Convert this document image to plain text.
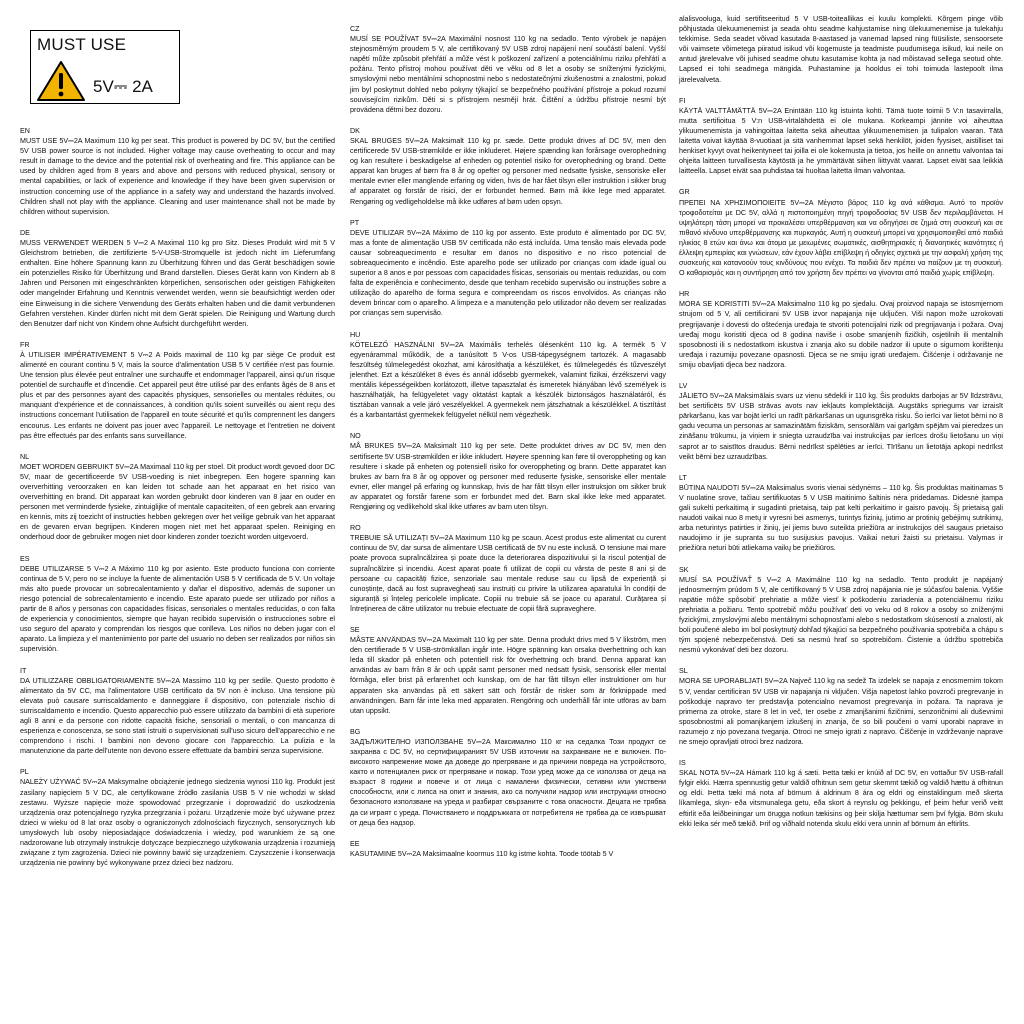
MUST USE
5V⎓ 2A
EN
MUST USE 5V⎓2A Maximum 110 kg per seat. This product is powered by DC 5V, but the certified 5V USB power source is not included. Higher voltage may cause overheating to occur and may result in damage to the device and the potential risk of overheating and fire. This appliance can be used by children aged from 8 years and above and persons with reduced physical, sensory or mental capabilities, or lack of experience and knowledge if they have been given supervision or instruction concerning use of the appliance in a safety way and understand the hazards involved. Children shall not play with the appliance. Cleaning and user maintenance shall not be made by children without supervision.
DE
MUSS VERWENDET WERDEN 5 V⎓2 A Maximal 110 kg pro Sitz. Dieses Produkt wird mit 5 V Gleichstrom betrieben, die zertifizierte 5-V-USB-Stromquelle ist jedoch nicht im Lieferumfang enthalten. Eine höhere Spannung kann zu Überhitzung führen und das Gerät beschädigen sowie ein potenzielles Risiko für Überhitzung und Brand darstellen. Dieses Gerät kann von Kindern ab 8 Jahren und Personen mit eingeschränkten körperlichen, sensorischen oder geistigen Fähigkeiten oder mangelnder Erfahrung und Kenntnis verwendet werden, wenn sie beaufsichtigt werden oder eine Einweisung in die sichere Verwendung des Geräts erhalten haben und die damit verbundenen Gefahren verstehen. Kinder dürfen nicht mit dem Gerät spielen. Die Reinigung und Wartung durch den Benutzer darf nicht von Kindern ohne Aufsicht durchgeführt werden.
FR
À UTILISER IMPÉRATIVEMENT 5 V⎓2 A Poids maximal de 110 kg par siège Ce produit est alimenté en courant continu 5 V, mais la source d'alimentation USB 5 V certifiée n'est pas fournie. Une tension plus élevée peut entraîner une surchauffe et endommager l'appareil, ainsi qu'un risque potentiel de surchauffe et d'incendie. Cet appareil peut être utilisé par des enfants âgés de 8 ans et plus et par des personnes ayant des capacités physiques, sensorielles ou mentales réduites, ou manquant d'expérience et de connaissances, à condition qu'ils soient surveillés ou aient reçu des instructions concernant l'utilisation de l'appareil en toute sécurité et qu'ils comprennent les dangers encourus. Les enfants ne doivent pas jouer avec l'appareil. Le nettoyage et l'entretien ne doivent pas être effectués par des enfants sans surveillance.
NL
MOET WORDEN GEBRUIKT 5V⎓2A Maximaal 110 kg per stoel. Dit product wordt gevoed door DC 5V, maar de gecertificeerde 5V USB-voeding is niet inbegrepen. Een hogere spanning kan oververhitting veroorzaken en kan leiden tot schade aan het apparaat en het risico van oververhitting en brand. Dit apparaat kan worden gebruikt door kinderen van 8 jaar en ouder en personen met verminderde fysieke, zintuiglijke of mentale capaciteiten, of een gebrek aan ervaring en kennis, mits zij toezicht of instructies hebben gekregen over het veilige gebruik van het apparaat en de gevaren ervan begrijpen. Kinderen mogen niet met het apparaat spelen. Reiniging en onderhoud door de gebruiker mogen niet door kinderen zonder toezicht worden uitgevoerd.
ES
DEBE UTILIZARSE 5 V⎓2 A Máximo 110 kg por asiento. Este producto funciona con corriente continua de 5 V, pero no se incluye la fuente de alimentación USB 5 V certificada de 5 V. Un voltaje más alto puede provocar un sobrecalentamiento y dañar el dispositivo, además de suponer un riesgo potencial de sobrecalentamiento e incendio. Este aparato puede ser utilizado por niños a partir de 8 años y personas con capacidades físicas, sensoriales o mentales reducidas, o con falta de experiencia y conocimientos, siempre que hayan recibido supervisión o instrucciones sobre el uso seguro del aparato y comprendan los riesgos que conlleva. Los niños no deben jugar con el aparato. La limpieza y el mantenimiento por parte del usuario no deben ser realizados por niños sin supervisión.
IT
DA UTILIZZARE OBBLIGATORIAMENTE 5V⎓2A Massimo 110 kg per sedile. Questo prodotto è alimentato da 5V CC, ma l'alimentatore USB certificato da 5V non è incluso. Una tensione più elevata può causare surriscaldamento e danneggiare il dispositivo, con potenziale rischio di surriscaldamento e incendio. Questo apparecchio può essere utilizzato da bambini di età superiore agli 8 anni e da persone con ridotte capacità fisiche, sensoriali o mentali, o con mancanza di esperienza e conoscenza, se sono stati istruiti o supervisionati sull'uso sicuro dell'apparecchio e ne comprendono i rischi. I bambini non devono giocare con l'apparecchio. La pulizia e la manutenzione da parte dell'utente non devono essere effettuate da bambini senza supervisione.
PL
NALEŻY UŻYWAĆ 5V⎓2A Maksymalne obciążenie jednego siedzenia wynosi 110 kg. Produkt jest zasilany napięciem 5 V DC, ale certyfikowane źródło zasilania USB 5 V nie wchodzi w skład zestawu. Wyższe napięcie może spowodować przegrzanie i doprowadzić do uszkodzenia urządzenia oraz potencjalnego ryzyka przegrzania i pożaru. Urządzenie może być używane przez dzieci w wieku od 8 lat oraz osoby o ograniczonych zdolnościach fizycznych, sensorycznych lub umysłowych lub osoby nieposiadające doświadczenia i wiedzy, pod warunkiem że są one nadzorowane lub otrzymały instrukcje dotyczące bezpiecznego użytkowania urządzenia i rozumieją związane z tym zagrożenia. Dzieci nie powinny bawić się urządzeniem. Czyszczenie i konserwacja urządzenia nie powinny być wykonywane przez dzieci bez nadzoru.
CZ
MUSÍ SE POUŽÍVAT 5V⎓2A Maximální nosnost 110 kg na sedadlo. Tento výrobek je napájen stejnosměrným proudem 5 V, ale certifikovaný 5V USB zdroj napájení není součástí balení. Vyšší napětí může způsobit přehřátí a může vést k poškození zařízení a potenciálnímu riziku přehřátí a požáru. Tento přístroj mohou používat děti ve věku od 8 let a osoby se sníženými fyzickými, smyslovými nebo mentálními schopnostmi nebo s nedostatečnými zkušenostmi a znalostmi, pokud jim byl poskytnut dohled nebo pokyny týkající se bezpečného používání přístroje a pokud rozumí souvisejícím rizikům. Děti si s přístrojem nesmějí hrát. Čištění a údržbu přístroje nesmí být provádena dětmi bez dozoru.
DK
SKAL BRUGES 5V⎓2A Maksimalt 110 kg pr. sæde. Dette produkt drives af DC 5V, men den certificerede 5V USB-strømkilde er ikke inkluderet. Højere spænding kan forårsage overophedning og kan resultere i beskadigelse af enheden og potentiel risiko for overophedning og brand. Dette apparat kan bruges af børn fra 8 år og opefter og personer med nedsatte fysiske, sensoriske eller mentale evner eller manglende erfaring og viden, hvis de har fået tilsyn eller instruktion i sikker brug af apparatet og forstår de risici, der er forbundet hermed. Børn må ikke lege med apparatet. Rengøring og vedligeholdelse må ikke udføres af børn uden opsyn.
PT
DEVE UTILIZAR 5V⎓2A Máximo de 110 kg por assento. Este produto é alimentado por DC 5V, mas a fonte de alimentação USB 5V certificada não está incluída. Uma tensão mais elevada pode causar sobreaquecimento e resultar em danos no dispositivo e no risco potencial de sobreaquecimento e incêndio. Este aparelho pode ser utilizado por crianças com idade igual ou superior a 8 anos e por pessoas com capacidades físicas, sensoriais ou mentais reduzidas, ou com falta de experiência e conhecimento, desde que tenham recebido supervisão ou instruções sobre a utilização do aparelho de forma segura e compreendam os riscos envolvidos. As crianças não devem brincar com o aparelho. A limpeza e a manutenção pelo utilizador não devem ser realizadas por crianças sem supervisão.
HU
KÖTELEZŐ HASZNÁLNI 5V⎓2A Maximális terhelés ülésenként 110 kg. A termék 5 V egyenárammal működik, de a tanúsított 5 V-os USB-tápegységnem tartozék. A magasabb feszültség túlmelegedést okozhat, ami károsíthatja a készüléket, és túlmelegedés és tűzveszélyt jelenthet. Ezt a készüléket 8 éves és annál idősebb gyermekek, valamint fizikai, érzékszervi vagy mentális képességeikben korlátozott, illetve tapasztalat és ismeretek hiányában lévő személyek is használhatják, ha felügyeletet vagy oktatást kaptak a készülék biztonságos használatáról, és tisztában vannak a vele járó veszélyekkel. A gyermekek nem játszhatnak a készülékkel. A tisztítást és a karbantartást gyermekek felügyelet nélkül nem végezhetik.
NO
MÅ BRUKES 5V⎓2A Maksimalt 110 kg per sete. Dette produktet drives av DC 5V, men den sertifiserte 5V USB-strømkilden er ikke inkludert. Høyere spenning kan føre til overoppheting og kan resultere i skade på enheten og potensiell risiko for overoppheting og brann. Dette apparatet kan brukes av barn fra 8 år og oppover og personer med reduserte fysiske, sensoriske eller mentale evner, eller mangel på erfaring og kunnskap, hvis de har fått tilsyn eller instruksjon om sikker bruk av apparatet og forstår farene som er forbundet med det. Barn skal ikke leke med apparatet. Rengjøring og vedlikehold skal ikke utføres av barn uten tilsyn.
RO
TREBUIE SĂ UTILIZAȚI 5V⎓2A Maximum 110 kg pe scaun. Acest produs este alimentat cu curent continuu de 5V, dar sursa de alimentare USB certificată de 5V nu este inclusă. O tensiune mai mare poate provoca supraîncălzirea și poate duce la deteriorarea dispozitivului și la riscul potențial de supraîncălzire și incendiu. Acest aparat poate fi utilizat de copii cu vârsta de peste 8 ani și de persoane cu capacități fizice, senzoriale sau mentale reduse sau cu lipsă de experiență și cunoștințe, dacă au fost supravegheați sau instruiți cu privire la utilizarea aparatului în condiții de siguranță și înțeleg pericolele implicate. Copiii nu trebuie să se joace cu aparatul. Curățarea și întreținerea de către utilizator nu trebuie efectuate de copii fără supraveghere.
SE
MÅSTE ANVÄNDAS 5V⎓2A Maximalt 110 kg per säte. Denna produkt drivs med 5 V likström, men den certifierade 5 V USB-strömkällan ingår inte. Högre spänning kan orsaka överhettning och kan leda till skador på enheten och potentiell risk för överhettning och brand. Denna apparat kan användas av barn från 8 år och uppåt samt personer med nedsatt fysisk, sensorisk eller mental förmåga, eller brist på erfarenhet och kunskap, om de har fått tillsyn eller instruktioner om hur apparaten ska användas på ett säkert sätt och förstår de risker som är förknippade med användningen. Barn får inte leka med apparaten. Rengöring och underhåll får inte utföras av barn utan uppsikt.
BG
ЗАДЪЛЖИТЕЛНО ИЗПОЛЗВАНЕ 5V⎓2A Максимално 110 кг на седалка Този продукт се захранва с DC 5V, но сертифицираният 5V USB източник на захранване не е включен. По-високото напрежение може да доведе до прегряване и да причини повреда на устройството, както и потенциален риск от прегряване и пожар. Този уред може да се използва от деца на възраст 8 години и повече и от лица с намалени физически, сетивни или умствени способности, или с липса на опит и знания, ако са получили надзор или инструкции относно безопасното използване на уреда и разбират свързаните с това опасности. Децата не трябва да си играят с уреда. Почистването и поддръжката от потребителя не трябва да се извършват от деца без надзор.
EE
KASUTAMINE 5V⎓2A Maksimaalne koormus 110 kg istme kohta. Toode töötab 5 V
alalisvooluga, kuid sertifitseeritud 5 V USB-toiteallikas ei kuulu komplekti. Kõrgem pinge võib põhjustada ülekuumenemist ja seada ohtu seadme kahjustamise ning ülekuumenemise ja tulekahju tekkimise. Seda seadet võivad kasutada 8-aastased ja vanemad lapsed ning füüsiliste, sensoorsete või vaimsete võimetega piiratud isikud või kogemuste ja teadmiste puudumisega isikud, kui neile on antud järelevalve või juhised seadme ohutu kasutamise kohta ja nad mõistavad sellega seotud ohte. Lapsed ei tohi seadmega mängida. Puhastamine ja hooldus ei tohi toimuda lastepoolt ilma järelevalveta.
FI
KÄYTÄ VALTTÄMÄTTÄ 5V⎓2A Enintään 110 kg istuinta kohti. Tämä tuote toimii 5 V:n tasavirralla, mutta sertifioitua 5 V:n USB-virtalähdettä ei ole mukana. Korkeampi jännite voi aiheuttaa ylikuumenemista ja vahingoittaa laitetta sekä aiheuttaa ylikuumenemisen ja tulipalon vaaran. Tätä laitetta voivat käyttää 8-vuotiaat ja sitä vanhemmat lapset sekä henkilöt, joiden fyysiset, aistilliset tai henkiset kyvyt ovat heikentyneet tai joilla ei ole kokemusta ja tietoa, jos heille on annettu valvontaa tai ohjeita laitteen turvallisesta käytöstä ja he ymmärtävät siihen liittyvät vaarat. Lapset eivät saa leikkiä laitteella. Lapset eivät saa puhdistaa tai huoltaa laitetta ilman valvontaa.
GR
ΠΡΕΠΕΙ ΝΑ ΧΡΗΣΙΜΟΠΟΙΕΙΤΕ 5V⎓2A Μέγιστο βάρος 110 kg ανά κάθισμα. Αυτό το προϊόν τροφοδοτείται με DC 5V, αλλά η πιστοποιημένη πηγή τροφοδοσίας 5V USB δεν περιλαμβάνεται. Η υψηλότερη τάση μπορεί να προκαλέσει υπερθέρμανση και να οδηγήσει σε ζημιά στη συσκευή και σε πιθανό κίνδυνο υπερθέρμανσης και πυρκαγιάς. Αυτή η συσκευή μπορεί να χρησιμοποιηθεί από παιδιά ηλικίας 8 ετών και άνω και άτομα με μειωμένες σωματικές, αισθητηριακές ή διανοητικές ικανότητες ή έλλειψη εμπειρίας και γνώσεων, εάν έχουν λάβει επίβλεψη ή οδηγίες σχετικά με την ασφαλή χρήση της συσκευής και κατανοούν τους κινδύνους που ενέχει. Τα παιδιά δεν πρέπει να παίζουν με τη συσκευή. Ο καθαρισμός και η συντήρηση από τον χρήστη δεν πρέπει να γίνονται από παιδιά χωρίς επίβλεψη.
HR
MORA SE KORISTITI 5V⎓2A Maksimalno 110 kg po sjedalu. Ovaj proizvod napaja se istosmjernom strujom od 5 V, ali certificirani 5V USB izvor napajanja nije uključen. Viši napon može uzrokovati pregrijavanje i dovesti do oštećenja uređaja te stvoriti potencijalni rizik od pregrijavanja i požara. Ovaj uređaj mogu koristiti djeca od 8 godina naviše i osobe smanjenih fizičkih, osjetilnih ili mentalnih sposobnosti ili s nedostatkom iskustva i znanja ako su dobile nadzor ili upute o sigurnom korištenju uređaja i razumiju povezane opasnosti. Djeca se ne smiju igrati uređajem. Čišćenje i održavanje ne smiju obavljati djeca bez nadzora.
LV
JĀLIETO 5V⎓2A Maksimālais svars uz vienu sēdekli ir 110 kg. Šis produkts darbojas ar 5V līdzstrāvu, bet sertificēts 5V USB strāvas avots nav iekļauts komplektācijā. Augstāks spriegums var izraisīt pārkaršanu, kas var bojāt ierīci un radīt pārkaršanas un ugunsgrēka risku. Šo ierīci var lietot bērni no 8 gadu vecuma un personas ar samazinātām fiziskām, sensorālām vai garīgām spējām vai pieredzes un zināšanu trūkumu, ja viņiem ir sniegta uzraudzība vai instrukcijas par ierīces drošu lietošanu un viņi saprot ar to saistītos draudus. Bērni nedrīkst spēlēties ar ierīci. Tīrīšanu un lietotāja apkopi nedrīkst veikt bērni bez uzraudzības.
LT
BŪTINA NAUDOTI 5V⎓2A Maksimalus svoris vienai sėdynėms – 110 kg. Šis produktas maitinamas 5 V nuolatine srove, tačiau sertifikuotas 5 V USB maitinimo šaltinis nėra pridedamas. Didesnė įtampa gali sukelti perkaitimą ir sugadinti prietaisą, taip pat kelti perkaitimo ir gaisro pavojų. Šį prietaisą gali naudoti vaikai nuo 8 metų ir vyresni bei asmenys, turintys fizinių, jutimo ar protinių gebėjimų sutrikimų, arba neturintys patirties ir žinių, jei jiems buvo suteikta priežiūra ar instrukcijos dėl saugaus prietaiso naudojimo ir jie supranta su tuo susijusius pavojus. Vaikai neturi žaisti su prietaisu. Valymas ir priežiūra neturi būti atliekama vaikų be priežiūros.
SK
MUSÍ SA POUŽÍVAŤ 5 V⎓2 A Maximálne 110 kg na sedadlo. Tento produkt je napájaný jednosmerným prúdom 5 V, ale certifikovaný 5 V USB zdroj napájania nie je súčasťou balenia. Vyššie napätie môže spôsobiť prehriatie a môže viesť k poškodeniu zariadenia a potenciálnemu riziku prehriatia a požiaru. Tento spotrebič môžu používať deti vo veku od 8 rokov a osoby so zníženými fyzickými, zmyslovými alebo mentálnymi schopnosťami alebo s nedostatkom skúseností a znalostí, ak boli poučené alebo im bol poskytnutý dohľad týkajúci sa bezpečného používania spotrebiča a chápu s tým spojené nebezpečenstvá. Deti sa nesmú hrať so spotrebičom. Čistenie a údržbu spotrebiča nesmú vykonávať deti bez dozoru.
SL
MORA SE UPORABLJATI 5V⎓2A Največ 110 kg na sedež Ta izdelek se napaja z enosmernim tokom 5 V, vendar certificiran 5V USB vir napajanja ni vključen. Višja napetost lahko povzroči pregrevanje in poškoduje napravo ter predstavlja potencialno nevarnost pregrevanja in požara. Ta naprava je primerna za otroke, stare 8 let in več, ter osebe z zmanjšanimi fizičnimi, senzoričnimi ali duševnimi sposobnostmi ali pomanjkanjem izkušenj in znanja, če so bili poučeni o varni uporabi naprave in razumejo z njo povezana tveganja. Otroci ne smejo igrati z napravo. Čiščenje in vzdrževanje naprave ne smejo opravljati otroci brez nadzora.
IS
SKAL NOTA 5V⎓2A Hámark 110 kg á sæti. Þetta tæki er knúið af DC 5V, en vottaður 5V USB-rafall fylgir ekki. Hærra spennustig getur valdið ofhitnun sem getur skemmt tækið og valdið hættu á ofhitnun og eldi. Þetta tæki má nota af börnum á aldrinum 8 ára og eldri og einstaklingum með skerta líkamlega, skyn- eða vitsmunalega getu, eða skort á reynslu og þekkingu, ef þeim hefur verið veitt eftirlit eða leiðbeiningar um örugga notkun tækisins og þeir skilja hætturnar sem því fylgja. Börn skulu ekki leika sér með tækið. Þrif og viðhald notenda skulu ekki vera unnin af börnum án eftirlits.
